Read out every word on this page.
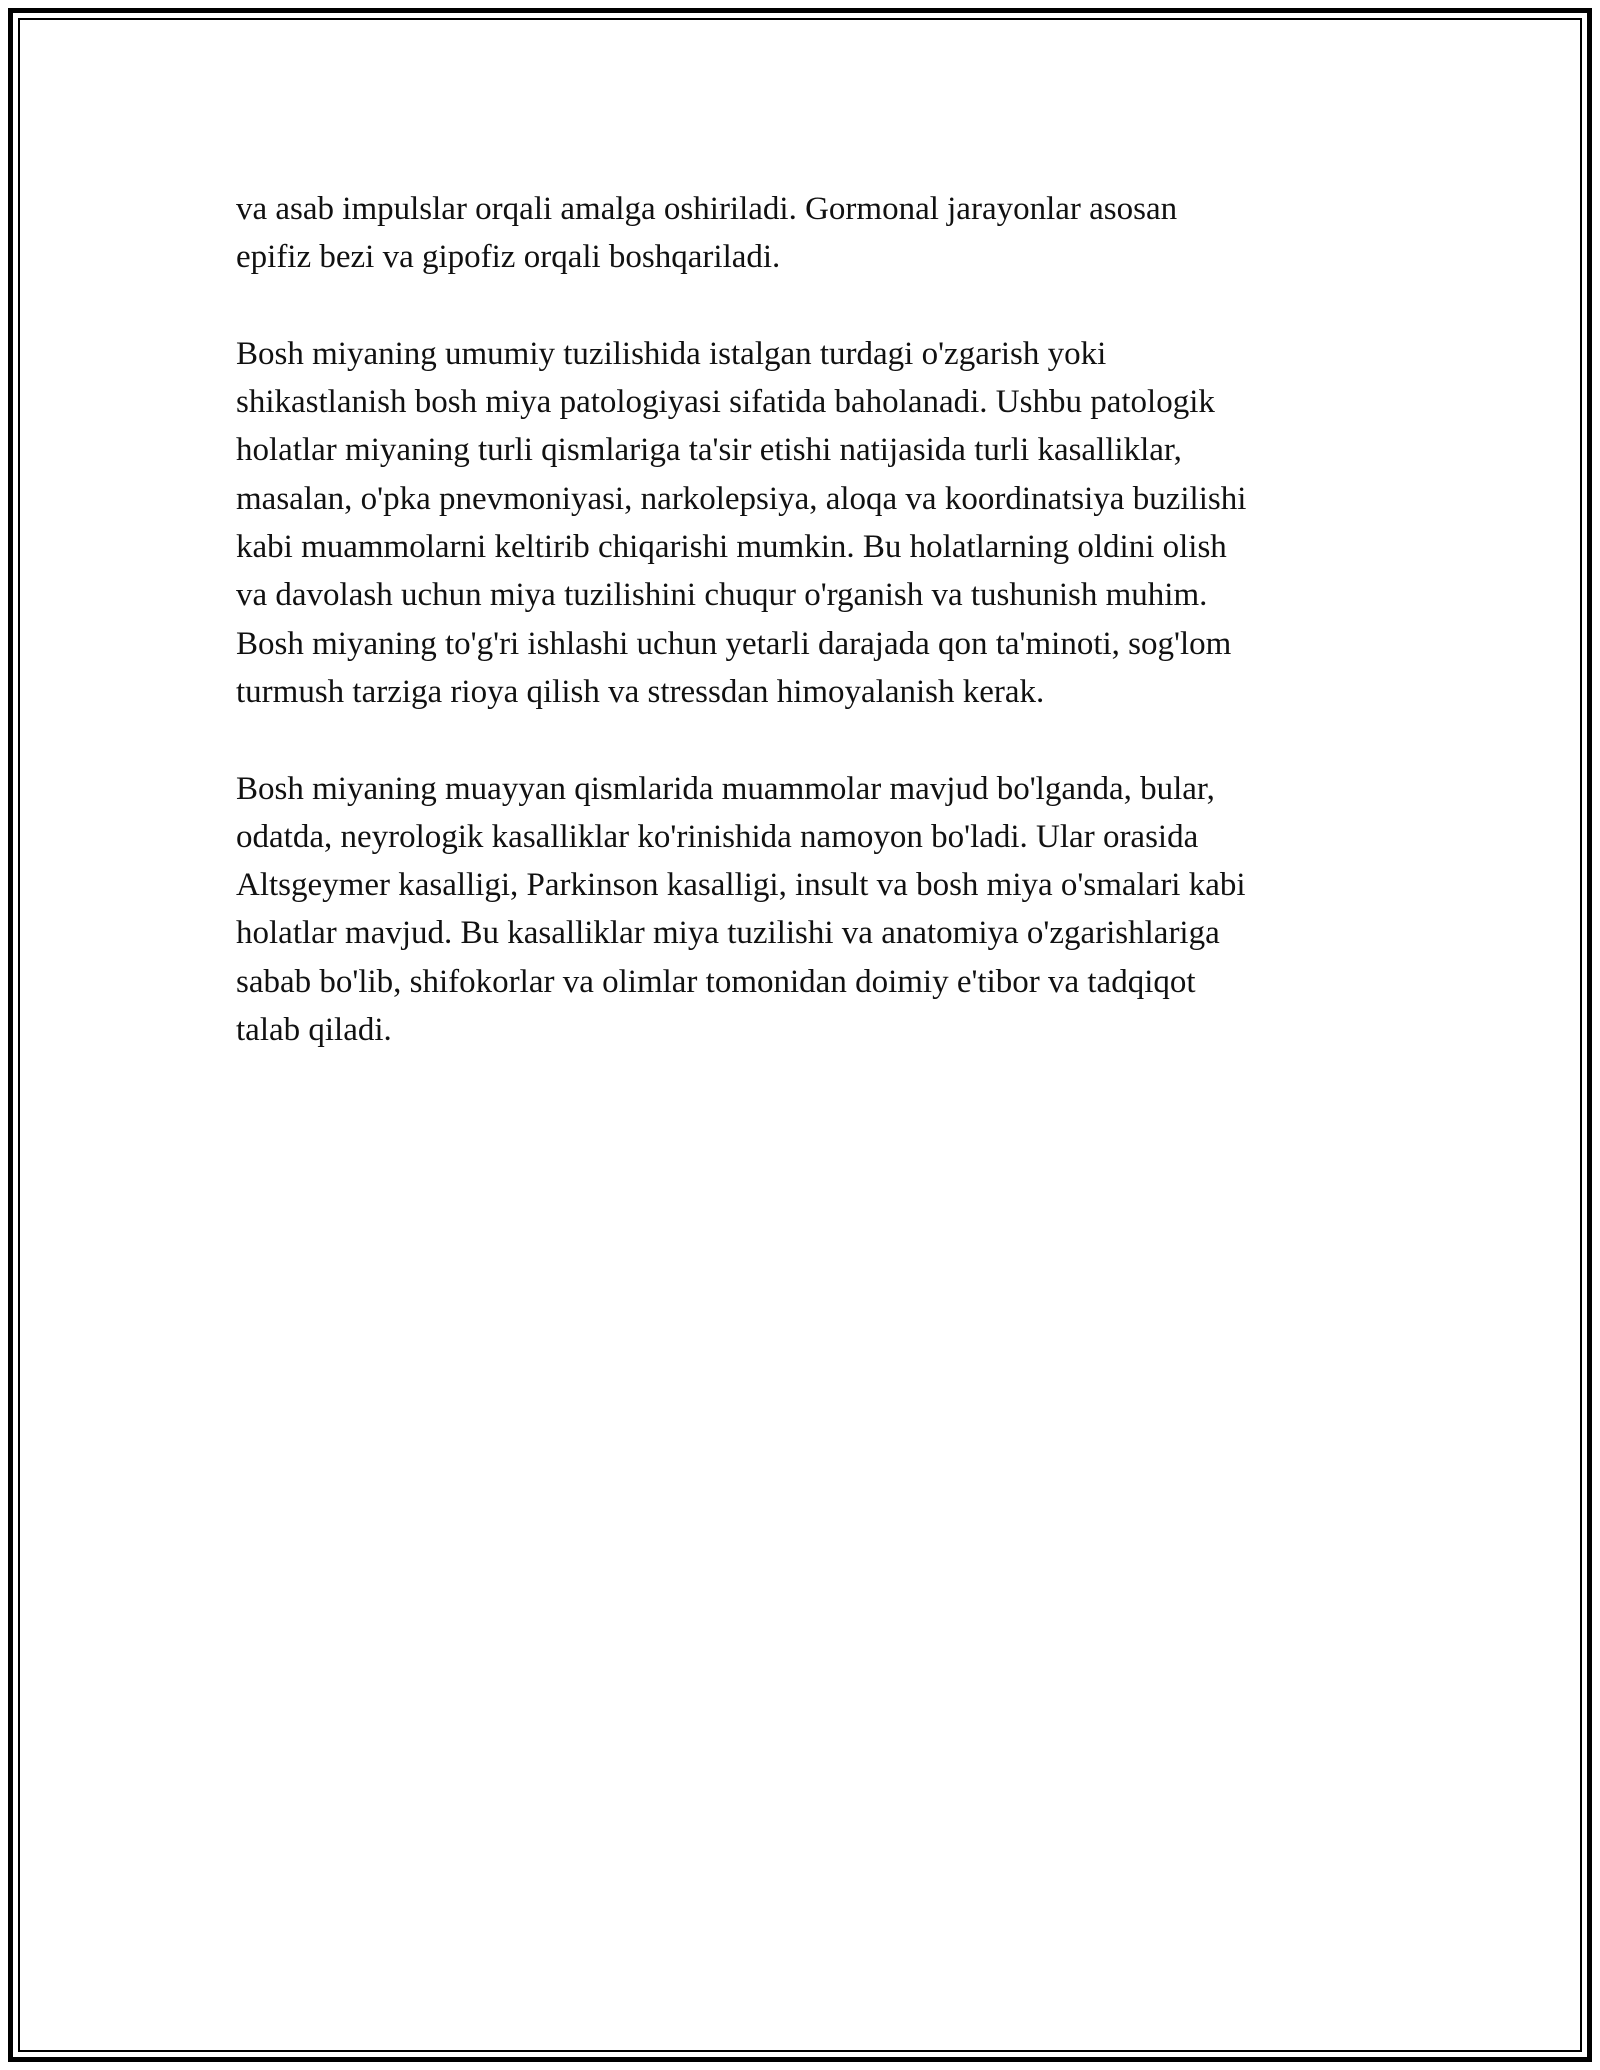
va asab impulslar orqali amalga oshiriladi. Gormonal jarayonlar asosan
epifiz bezi va gipofiz orqali boshqariladi.

Bosh miyaning umumiy tuzilishida istalgan turdagi o'zgarish yoki
shikastlanish bosh miya patologiyasi sifatida baholanadi. Ushbu patologik
holatlar miyaning turli qismlariga ta'sir etishi natijasida turli kasalliklar,
masalan, o'pka pnevmoniyasi, narkolepsiya, aloqa va koordinatsiya buzilishi
kabi muammolarni keltirib chiqarishi mumkin. Bu holatlarning oldini olish
va davolash uchun miya tuzilishini chuqur o'rganish va tushunish muhim.
Bosh miyaning to'g'ri ishlashi uchun yetarli darajada qon ta'minoti, sog'lom
turmush tarziga rioya qilish va stressdan himoyalanish kerak.

Bosh miyaning muayyan qismlarida muammolar mavjud bo'lganda, bular,
odatda, neyrologik kasalliklar ko'rinishida namoyon bo'ladi. Ular orasida
Altsgeymer kasalligi, Parkinson kasalligi, insult va bosh miya o'smalari kabi
holatlar mavjud. Bu kasalliklar miya tuzilishi va anatomiya o'zgarishlariga
sabab bo'lib, shifokorlar va olimlar tomonidan doimiy e'tibor va tadqiqot
talab qiladi.
